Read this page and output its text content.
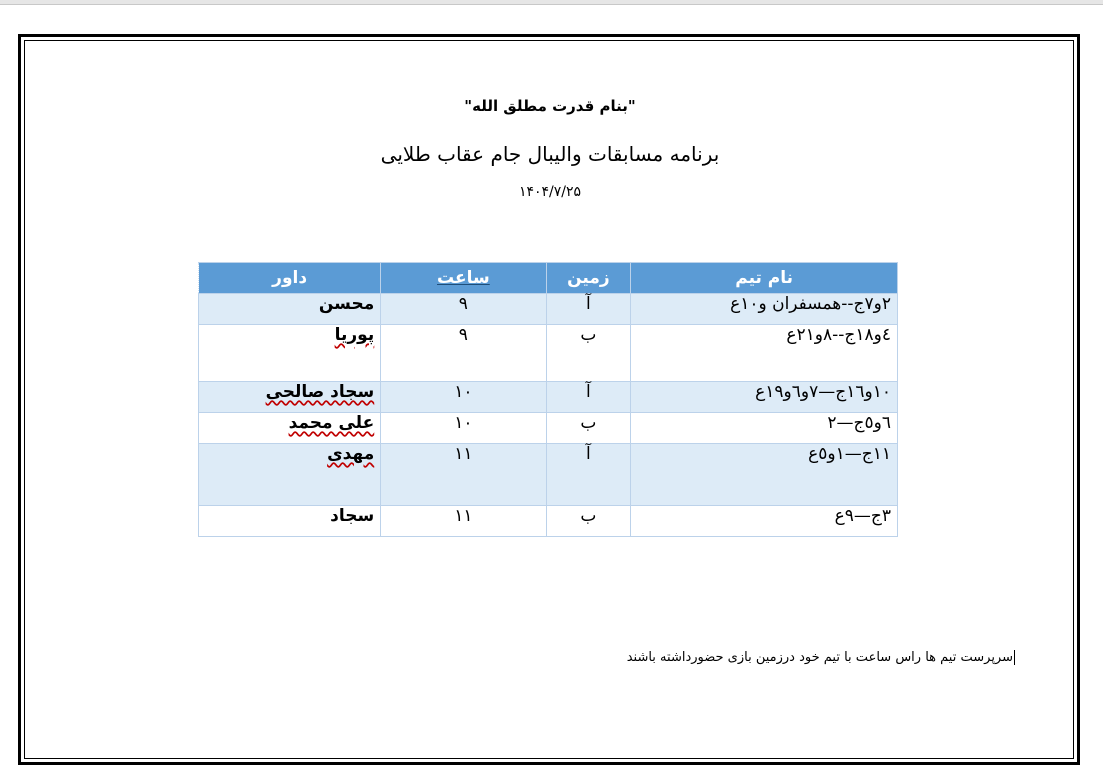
"بنام قدرت مطلق الله"
برنامه مسابقات والیبال جام عقاب طلایی
۱۴۰۴/۷/۲۵
نام تیم	زمین	ساعت	داور
۲و۷ج--همسفران و۱۰ع	آ	۹	محسن
٤و۱۸ج--۸و۲۱ع	ب	۹	پوریا
۱۰و۱٦ج—۷و٦و۱۹ع	آ	۱۰	سجاد صالحی
٦و٥ج—۲	ب	۱۰	علی محمد
۱۱ج—۱و٥ع	آ	۱۱	مهدی
۳ج—۹ع	ب	۱۱	سجاد
سرپرست تیم ها راس ساعت با تیم خود درزمین بازی حضورداشته باشند
